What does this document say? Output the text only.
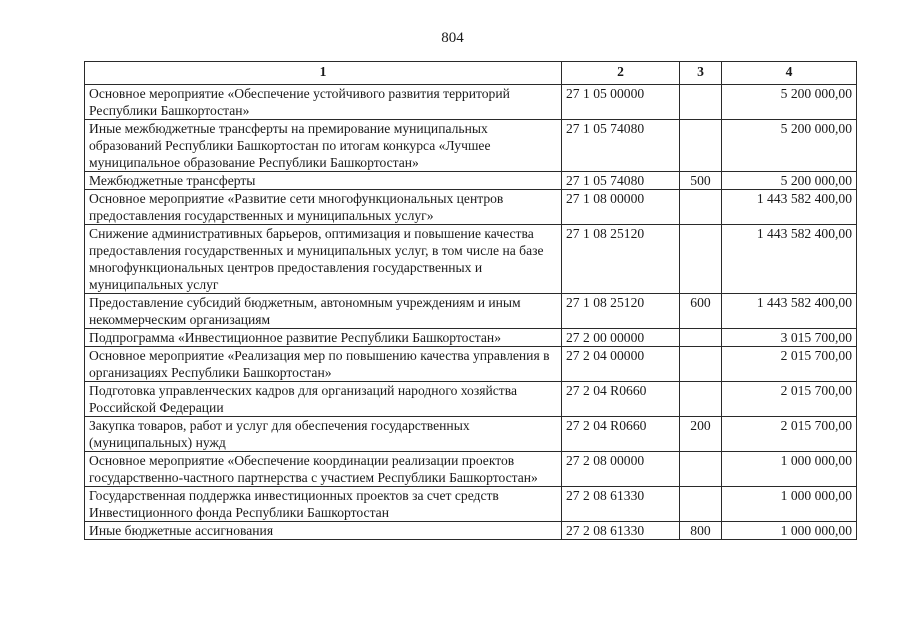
804
1	2	3	4
Основное мероприятие «Обеспечение устойчивого развития территорий Республики Башкортостан»	27 1 05 00000		5 200 000,00
Иные межбюджетные трансферты на премирование муниципальных образований Республики Башкортостан по итогам конкурса «Лучшее муниципальное образование Республики Башкортостан»	27 1 05 74080		5 200 000,00
Межбюджетные трансферты	27 1 05 74080	500	5 200 000,00
Основное мероприятие «Развитие сети многофункциональных центров предоставления государственных и муниципальных услуг»	27 1 08 00000		1 443 582 400,00
Снижение административных барьеров, оптимизация и повышение качества предоставления государственных и муниципальных услуг, в том числе на базе многофункциональных центров предоставления государственных и муниципальных услуг	27 1 08 25120		1 443 582 400,00
Предоставление субсидий бюджетным, автономным учреждениям и иным некоммерческим организациям	27 1 08 25120	600	1 443 582 400,00
Подпрограмма «Инвестиционное развитие Республики Башкортостан»	27 2 00 00000		3 015 700,00
Основное мероприятие «Реализация мер по повышению качества управления в организациях Республики Башкортостан»	27 2 04 00000		2 015 700,00
Подготовка управленческих кадров для организаций народного хозяйства Российской Федерации	27 2 04 R0660		2 015 700,00
Закупка товаров, работ и услуг для обеспечения государственных (муниципальных) нужд	27 2 04 R0660	200	2 015 700,00
Основное мероприятие «Обеспечение координации реализации проектов государственно-частного партнерства с участием Республики Башкортостан»	27 2 08 00000		1 000 000,00
Государственная поддержка инвестиционных проектов за счет средств Инвестиционного фонда Республики Башкортостан	27 2 08 61330		1 000 000,00
Иные бюджетные ассигнования	27 2 08 61330	800	1 000 000,00
